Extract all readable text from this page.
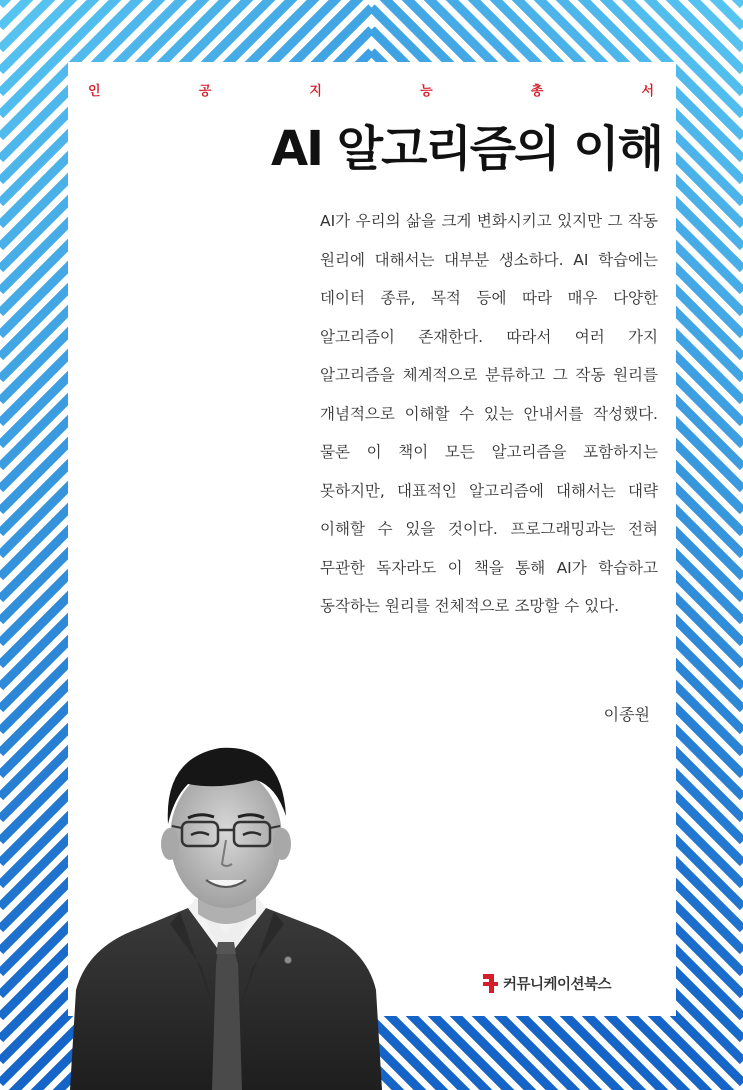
인	공	지	능	총	서
AI 알고리즘의 이해

AI가 우리의 삶을 크게 변화시키고 있지만 그 작동 원리에 대해서는 대부분 생소하다. AI 학습에는 데이터 종류, 목적 등에 따라 매우 다양한 알고리즘이 존재한다. 따라서 여러 가지 알고리즘을 체계적으로 분류하고 그 작동 원리를 개념적으로 이해할 수 있는 안내서를 작성했다. 물론 이 책이 모든 알고리즘을 포함하지는 못하지만, 대표적인 알고리즘에 대해서는 대략 이해할 수 있을 것이다. 프로그래밍과는 전혀 무관한 독자라도 이 책을 통해 AI가 학습하고 동작하는 원리를 전체적으로 조망할 수 있다.

이종원
커뮤니케이션북스
